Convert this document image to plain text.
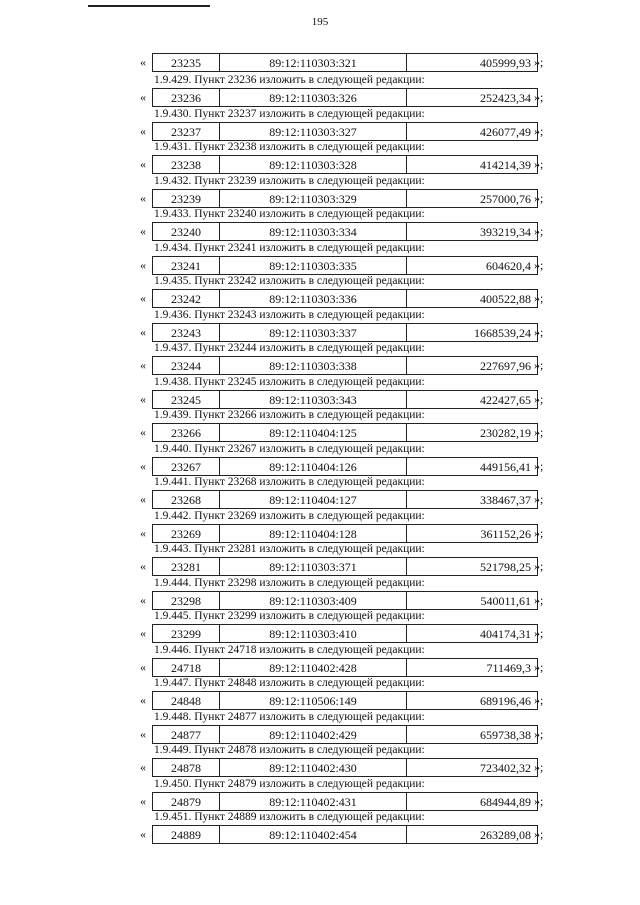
195
«	23235	89:12:110303:321	405999,93 »;
1.9.429. Пункт 23236 изложить в следующей редакции:
«	23236	89:12:110303:326	252423,34 »;
1.9.430. Пункт 23237 изложить в следующей редакции:
«	23237	89:12:110303:327	426077,49 »;
1.9.431. Пункт 23238 изложить в следующей редакции:
«	23238	89:12:110303:328	414214,39 »;
1.9.432. Пункт 23239 изложить в следующей редакции:
«	23239	89:12:110303:329	257000,76 »;
1.9.433. Пункт 23240 изложить в следующей редакции:
«	23240	89:12:110303:334	393219,34 »;
1.9.434. Пункт 23241 изложить в следующей редакции:
«	23241	89:12:110303:335	604620,4 »;
1.9.435. Пункт 23242 изложить в следующей редакции:
«	23242	89:12:110303:336	400522,88 »;
1.9.436. Пункт 23243 изложить в следующей редакции:
«	23243	89:12:110303:337	1668539,24 »;
1.9.437. Пункт 23244 изложить в следующей редакции:
«	23244	89:12:110303:338	227697,96 »;
1.9.438. Пункт 23245 изложить в следующей редакции:
«	23245	89:12:110303:343	422427,65 »;
1.9.439. Пункт 23266 изложить в следующей редакции:
«	23266	89:12:110404:125	230282,19 »;
1.9.440. Пункт 23267 изложить в следующей редакции:
«	23267	89:12:110404:126	449156,41 »;
1.9.441. Пункт 23268 изложить в следующей редакции:
«	23268	89:12:110404:127	338467,37 »;
1.9.442. Пункт 23269 изложить в следующей редакции:
«	23269	89:12:110404:128	361152,26 »;
1.9.443. Пункт 23281 изложить в следующей редакции:
«	23281	89:12:110303:371	521798,25 »;
1.9.444. Пункт 23298 изложить в следующей редакции:
«	23298	89:12:110303:409	540011,61 »;
1.9.445. Пункт 23299 изложить в следующей редакции:
«	23299	89:12:110303:410	404174,31 »;
1.9.446. Пункт 24718 изложить в следующей редакции:
«	24718	89:12:110402:428	711469,3 »;
1.9.447. Пункт 24848 изложить в следующей редакции:
«	24848	89:12:110506:149	689196,46 »;
1.9.448. Пункт 24877 изложить в следующей редакции:
«	24877	89:12:110402:429	659738,38 »;
1.9.449. Пункт 24878 изложить в следующей редакции:
«	24878	89:12:110402:430	723402,32 »;
1.9.450. Пункт 24879 изложить в следующей редакции:
«	24879	89:12:110402:431	684944,89 »;
1.9.451. Пункт 24889 изложить в следующей редакции:
«	24889	89:12:110402:454	263289,08 »;
